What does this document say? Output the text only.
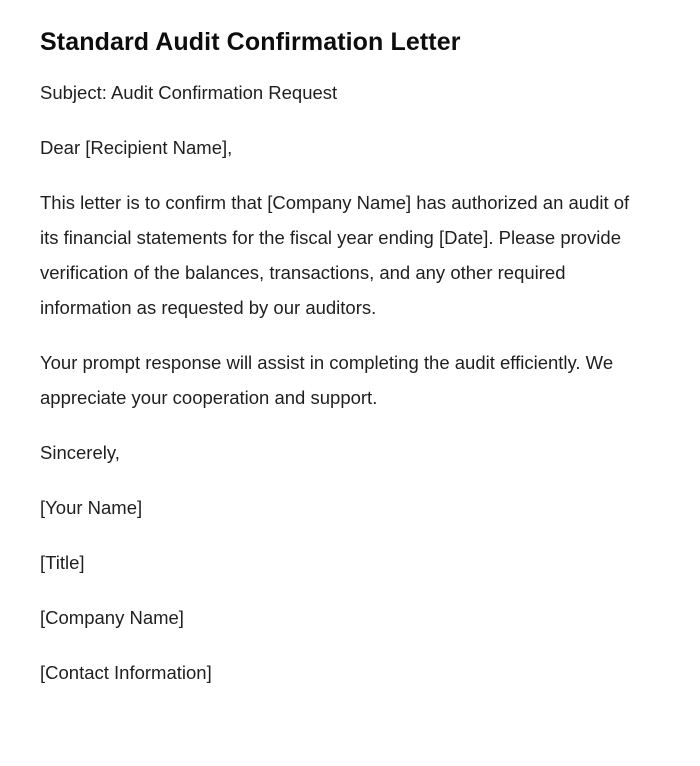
Standard Audit Confirmation Letter

Subject: Audit Confirmation Request

Dear [Recipient Name],

This letter is to confirm that [Company Name] has authorized an audit of its financial statements for the fiscal year ending [Date]. Please provide verification of the balances, transactions, and any other required information as requested by our auditors.

Your prompt response will assist in completing the audit efficiently. We appreciate your cooperation and support.

Sincerely,

[Your Name]

[Title]

[Company Name]

[Contact Information]
